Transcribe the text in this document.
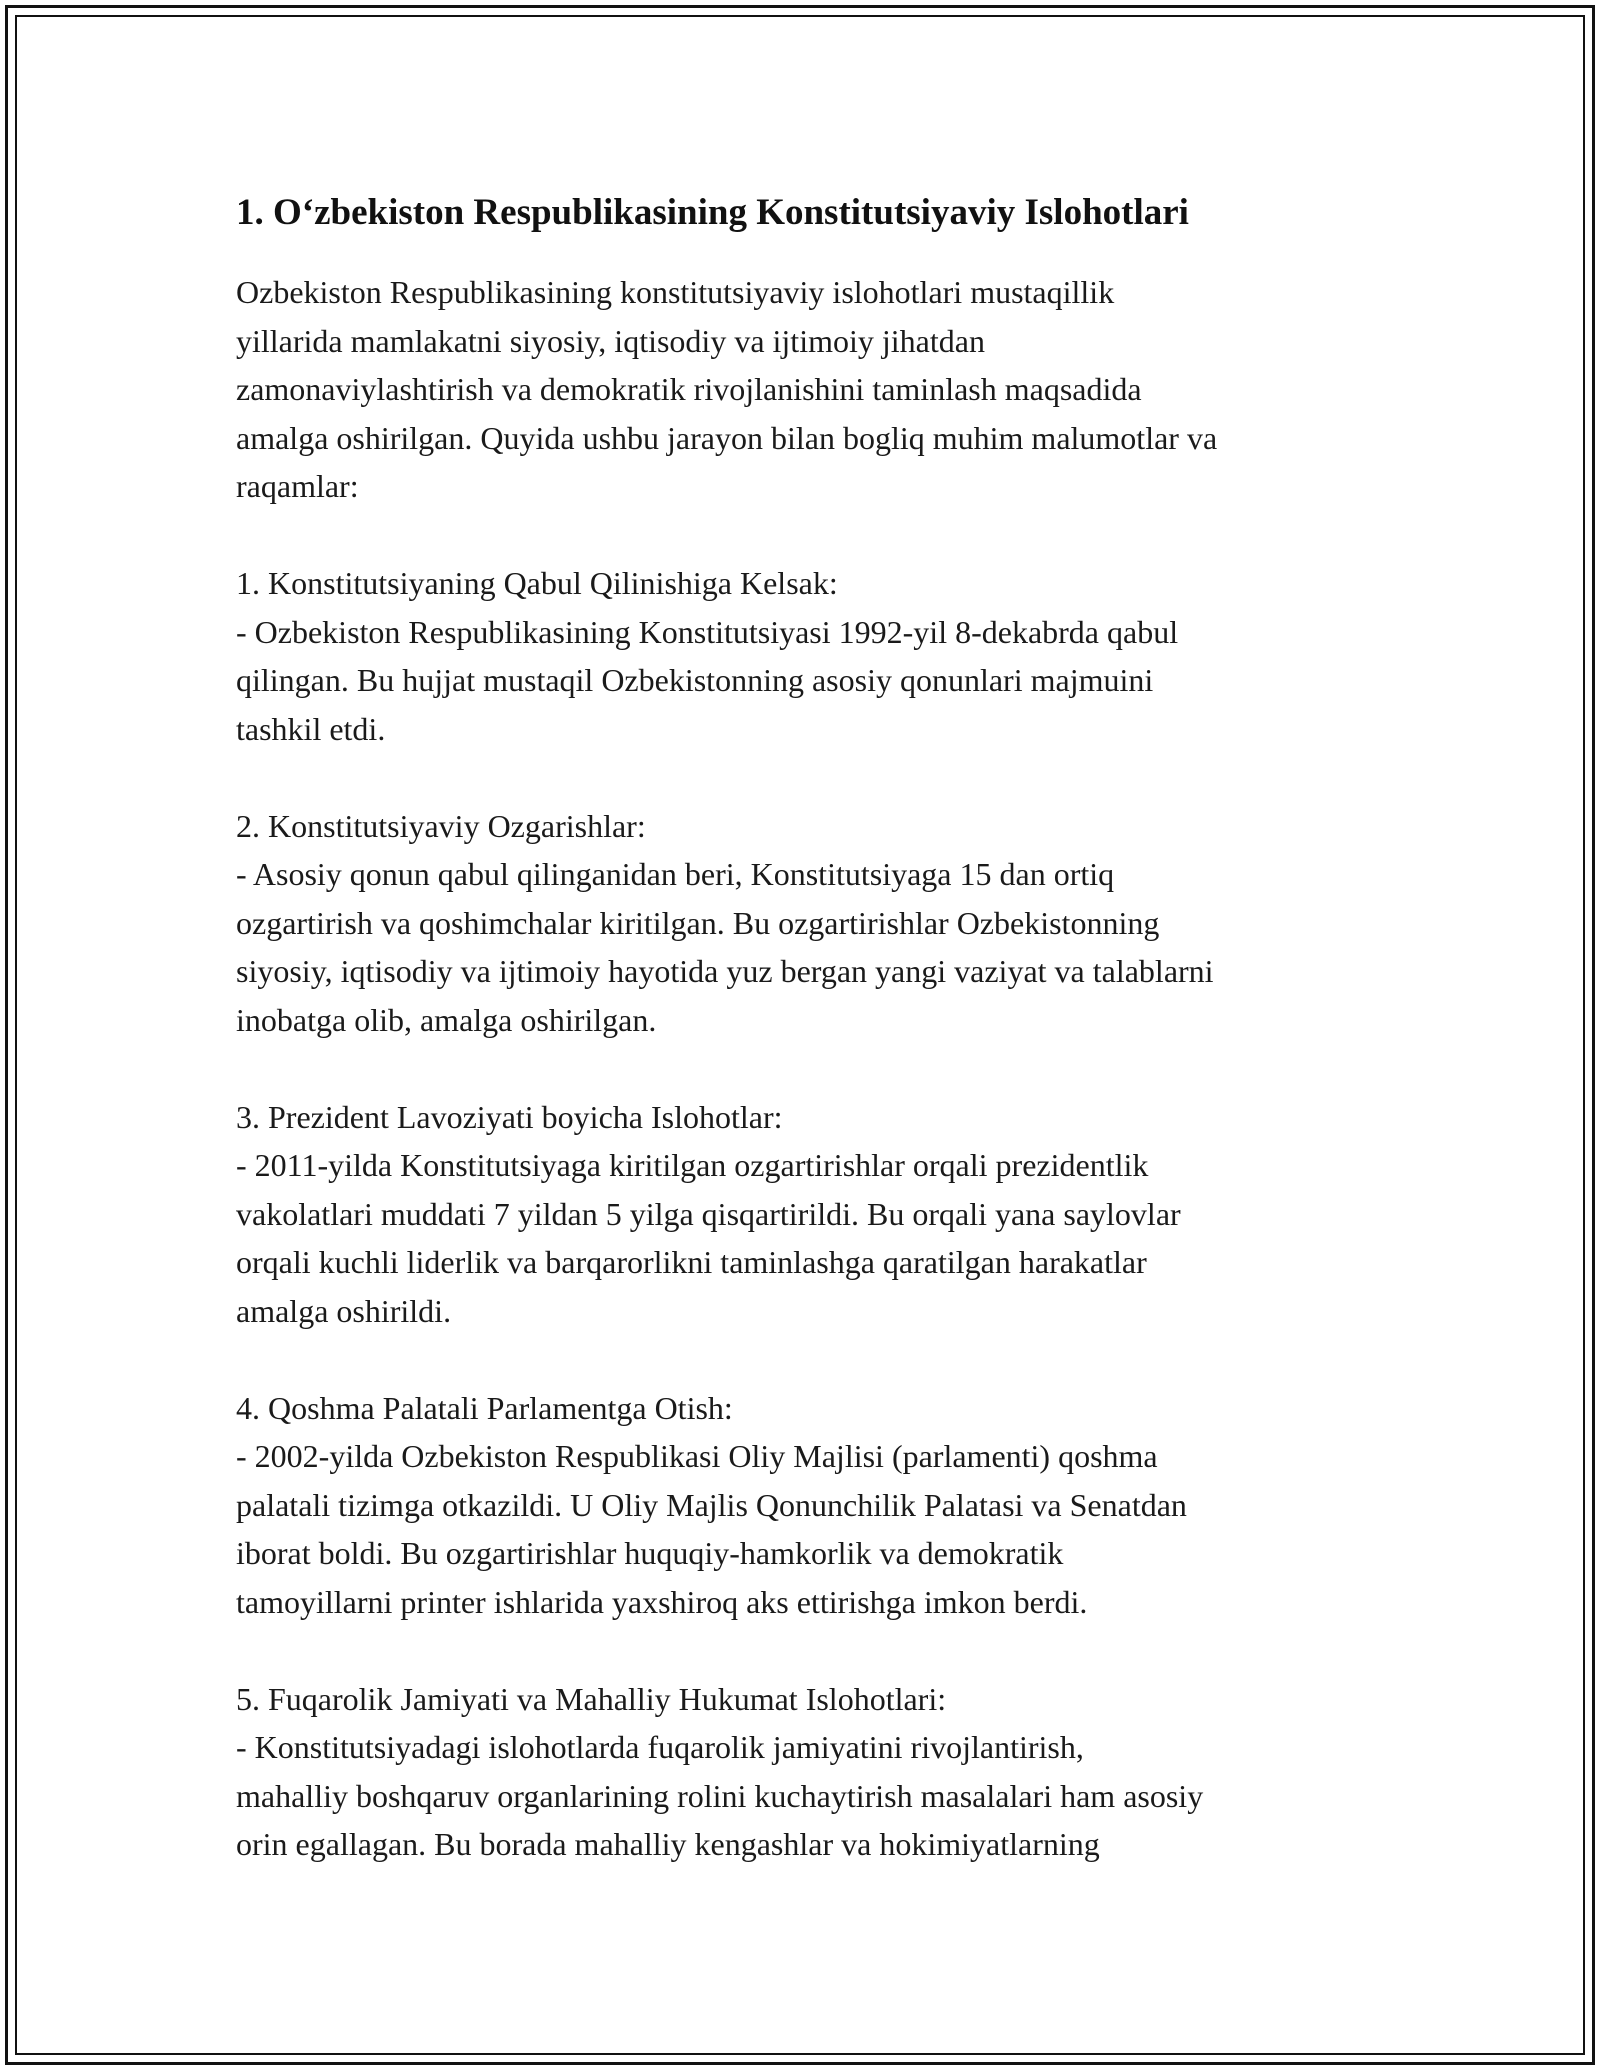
1. O‘zbekiston Respublikasining Konstitutsiyaviy Islohotlari

Ozbekiston Respublikasining konstitutsiyaviy islohotlari mustaqillik
yillarida mamlakatni siyosiy, iqtisodiy va ijtimoiy jihatdan
zamonaviylashtirish va demokratik rivojlanishini taminlash maqsadida
amalga oshirilgan. Quyida ushbu jarayon bilan bogliq muhim malumotlar va
raqamlar:

1. Konstitutsiyaning Qabul Qilinishiga Kelsak:

- Ozbekiston Respublikasining Konstitutsiyasi 1992-yil 8-dekabrda qabul
qilingan. Bu hujjat mustaqil Ozbekistonning asosiy qonunlari majmuini
tashkil etdi.

2. Konstitutsiyaviy Ozgarishlar:

- Asosiy qonun qabul qilinganidan beri, Konstitutsiyaga 15 dan ortiq
ozgartirish va qoshimchalar kiritilgan. Bu ozgartirishlar Ozbekistonning
siyosiy, iqtisodiy va ijtimoiy hayotida yuz bergan yangi vaziyat va talablarni
inobatga olib, amalga oshirilgan.

3. Prezident Lavoziyati boyicha Islohotlar:

- 2011-yilda Konstitutsiyaga kiritilgan ozgartirishlar orqali prezidentlik
vakolatlari muddati 7 yildan 5 yilga qisqartirildi. Bu orqali yana saylovlar
orqali kuchli liderlik va barqarorlikni taminlashga qaratilgan harakatlar
amalga oshirildi.

4. Qoshma Palatali Parlamentga Otish:

- 2002-yilda Ozbekiston Respublikasi Oliy Majlisi (parlamenti) qoshma
palatali tizimga otkazildi. U Oliy Majlis Qonunchilik Palatasi va Senatdan
iborat boldi. Bu ozgartirishlar huquqiy-hamkorlik va demokratik
tamoyillarni printer ishlarida yaxshiroq aks ettirishga imkon berdi.

5. Fuqarolik Jamiyati va Mahalliy Hukumat Islohotlari:

- Konstitutsiyadagi islohotlarda fuqarolik jamiyatini rivojlantirish,
mahalliy boshqaruv organlarining rolini kuchaytirish masalalari ham asosiy
orin egallagan. Bu borada mahalliy kengashlar va hokimiyatlarning
